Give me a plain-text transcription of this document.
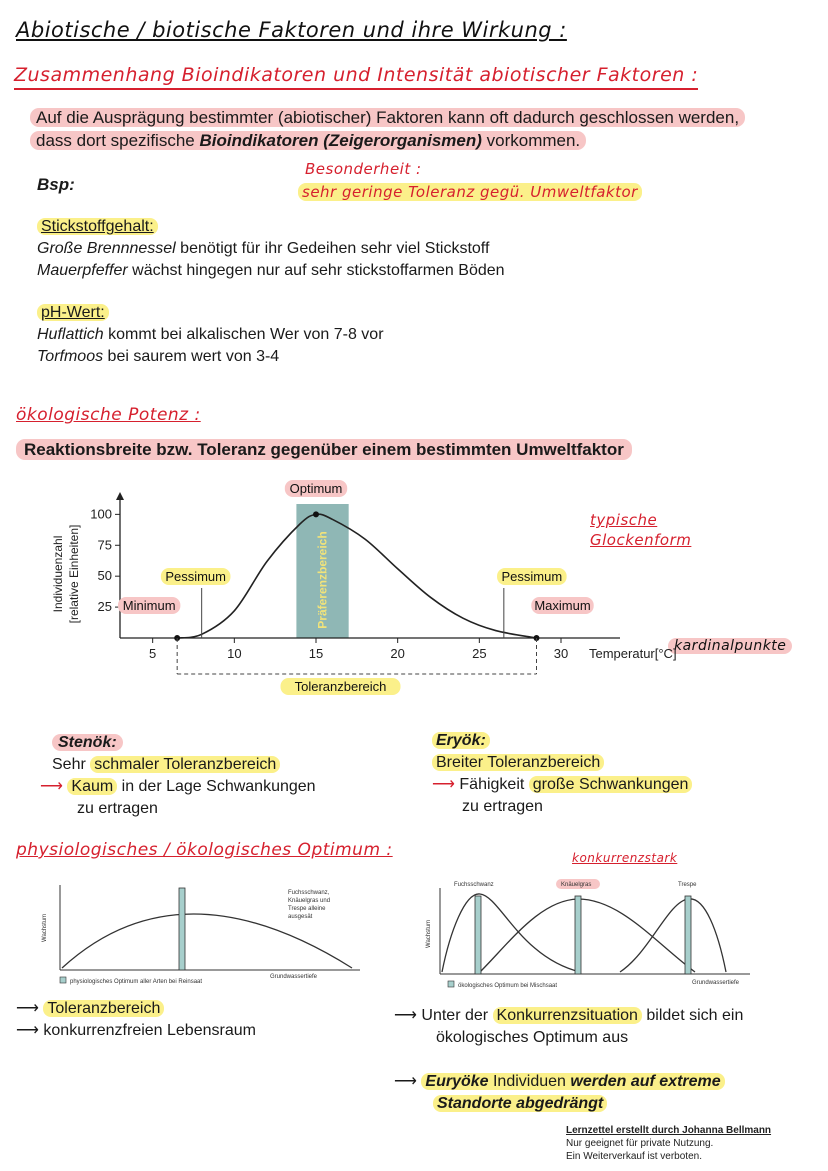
Abiotische / biotische Faktoren und ihre Wirkung :
Zusammenhang Bioindikatoren und Intensität abiotischer Faktoren :
Auf die Ausprägung bestimmter (abiotischer) Faktoren kann oft dadurch geschlossen werden,
dass dort spezifische Bioindikatoren (Zeigerorganismen) vorkommen.
Bsp:
Besonderheit :
sehr geringe Toleranz gegü. Umweltfaktor
Stickstoffgehalt:
Große Brennnessel benötigt für ihr Gedeihen sehr viel Stickstoff
Mauerpfeffer wächst hingegen nur auf sehr stickstoffarmen Böden
pH-Wert:
Huflattich kommt bei alkalischen Wer von 7-8 vor
Torfmoos bei saurem wert von 3-4
ökologische Potenz :
Reaktionsbreite bzw. Toleranz gegenüber einem bestimmten Umweltfaktor
typische
Glockenform
kardinalpunkte
Präferenzbereich
5	10	15	20	25	30
25
50
75
100
Temperatur[°C]
Individuenzahl [relative Einheiten]
Optimum
Pessimum	Pessimum
Minimum	Maximum
Toleranzbereich
Stenök:
Sehr schmaler Toleranzbereich
⟶ Kaum in der Lage Schwankungen
zu ertragen
Eryök:
Breiter Toleranzbereich
⟶ Fähigkeit große Schwankungen
zu ertragen
physiologisches / ökologisches Optimum :	konkurrenzstark
Wachstum
Grundwassertiefe
Fuchsschwanz,
Knäuelgras und
Trespe alleine
ausgesät
physiologisches Optimum aller Arten bei Reinsaat
Wachstum
Grundwassertiefe
Fuchsschwanz	Knäuelgras	Trespe
ökologisches Optimum bei Mischsaat
⟶ Toleranzbereich
⟶ konkurrenzfreien Lebensraum
⟶ Unter der Konkurrenzsituation bildet sich ein
ökologisches Optimum aus
⟶ Euryöke Individuen werden auf extreme
Standorte abgedrängt
Lernzettel erstellt durch Johanna Bellmann
Nur geeignet für private Nutzung.
Ein Weiterverkauf ist verboten.
